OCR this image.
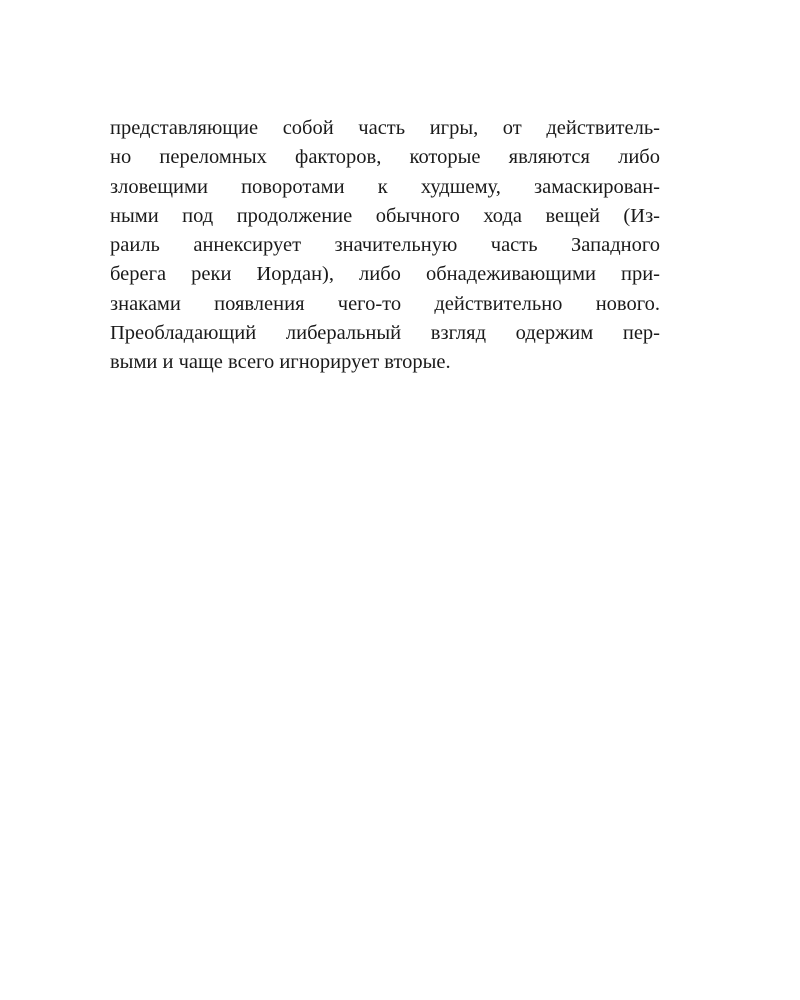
представляющие собой часть игры, от действитель-
но переломных факторов, которые являются либо
зловещими поворотами к худшему, замаскирован-
ными под продолжение обычного хода вещей (Из-
раиль аннексирует значительную часть Западного
берега реки Иордан), либо обнадеживающими при-
знаками появления чего-то действительно нового.
Преобладающий либеральный взгляд одержим пер-
выми и чаще всего игнорирует вторые.
